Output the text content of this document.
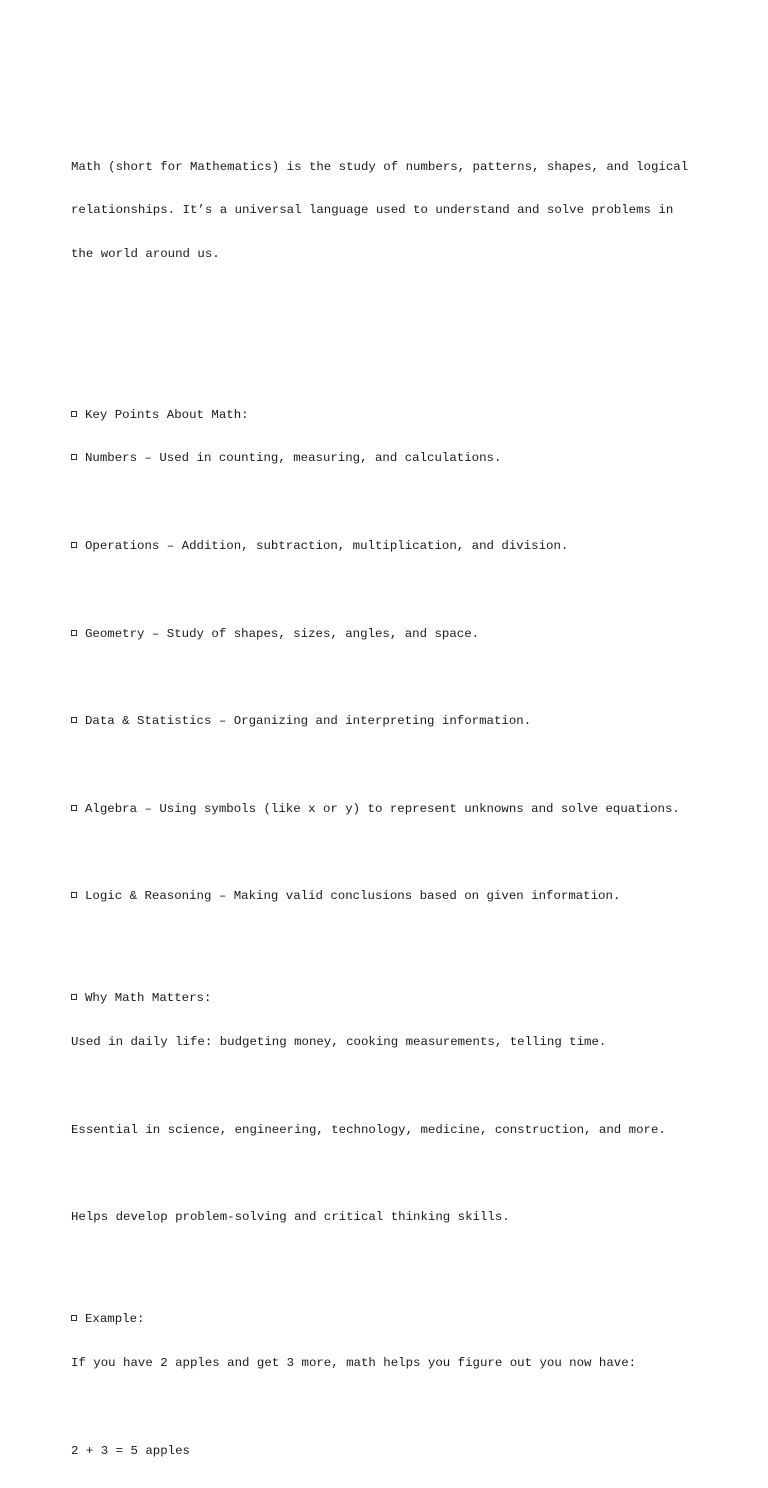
Math (short for Mathematics) is the study of numbers, patterns, shapes, and logical

relationships. It’s a universal language used to understand and solve problems in

the world around us.

Key Points About Math:

Numbers – Used in counting, measuring, and calculations.

Operations – Addition, subtraction, multiplication, and division.

Geometry – Study of shapes, sizes, angles, and space.

Data & Statistics – Organizing and interpreting information.

Algebra – Using symbols (like x or y) to represent unknowns and solve equations.

Logic & Reasoning – Making valid conclusions based on given information.

Why Math Matters:

Used in daily life: budgeting money, cooking measurements, telling time.

Essential in science, engineering, technology, medicine, construction, and more.

Helps develop problem-solving and critical thinking skills.

Example:

If you have 2 apples and get 3 more, math helps you figure out you now have:

2 + 3 = 5 apples
